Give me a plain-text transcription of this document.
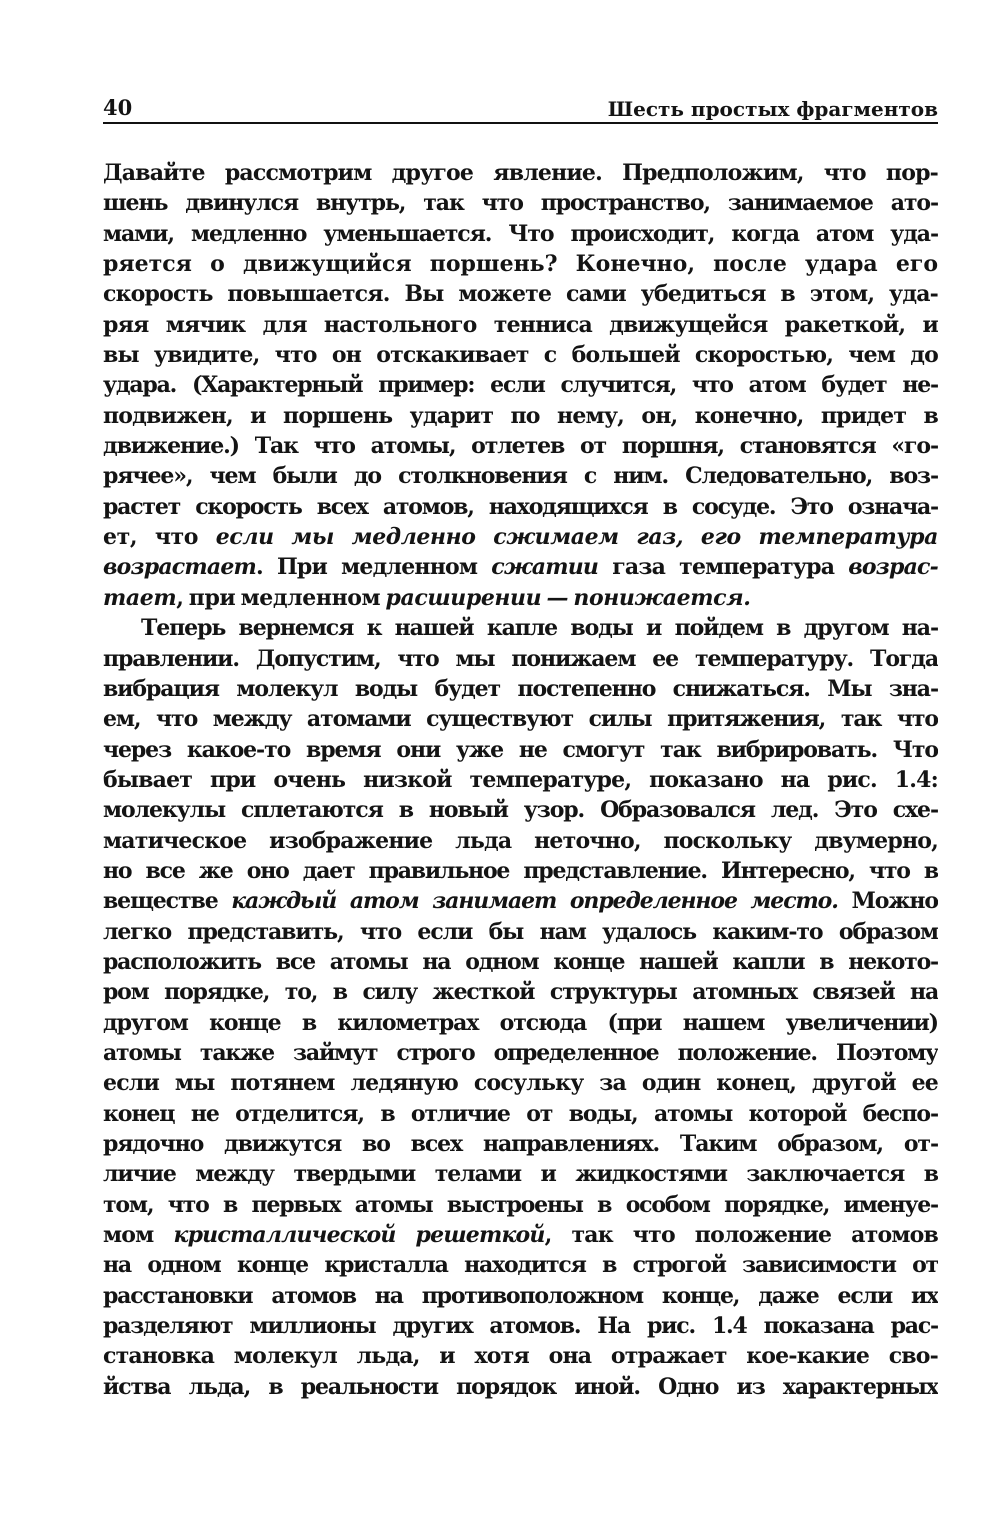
40	Шесть простых фрагментов
Давайте рассмотрим другое явление. Предположим, что пор-
шень двинулся внутрь, так что пространство, занимаемое ато-
мами, медленно уменьшается. Что происходит, когда атом уда-
ряется о движущийся поршень? Конечно, после удара его
скорость повышается. Вы можете сами убедиться в этом, уда-
ряя мячик для настольного тенниса движущейся ракеткой, и
вы увидите, что он отскакивает с большей скоростью, чем до
удара. (Характерный пример: если случится, что атом будет не-
подвижен, и поршень ударит по нему, он, конечно, придет в
движение.) Так что атомы, отлетев от поршня, становятся «го-
рячее», чем были до столкновения с ним. Следовательно, воз-
растет скорость всех атомов, находящихся в сосуде. Это означа-
ет, что если мы медленно сжимаем газ, его температура
возрастает. При медленном сжатии газа температура возрас-
тает, при медленном расширении — понижается.
Теперь вернемся к нашей капле воды и пойдем в другом на-
правлении. Допустим, что мы понижаем ее температуру. Тогда
вибрация молекул воды будет постепенно снижаться. Мы зна-
ем, что между атомами существуют силы притяжения, так что
через какое-то время они уже не смогут так вибрировать. Что
бывает при очень низкой температуре, показано на рис. 1.4:
молекулы сплетаются в новый узор. Образовался лед. Это схе-
матическое изображение льда неточно, поскольку двумерно,
но все же оно дает правильное представление. Интересно, что в
веществе каждый атом занимает определенное место. Можно
легко представить, что если бы нам удалось каким-то образом
расположить все атомы на одном конце нашей капли в некото-
ром порядке, то, в силу жесткой структуры атомных связей на
другом конце в километрах отсюда (при нашем увеличении)
атомы также займут строго определенное положение. Поэтому
если мы потянем ледяную сосульку за один конец, другой ее
конец не отделится, в отличие от воды, атомы которой беспо-
рядочно движутся во всех направлениях. Таким образом, от-
личие между твердыми телами и жидкостями заключается в
том, что в первых атомы выстроены в особом порядке, именуе-
мом кристаллической решеткой, так что положение атомов
на одном конце кристалла находится в строгой зависимости от
расстановки атомов на противоположном конце, даже если их
разделяют миллионы других атомов. На рис. 1.4 показана рас-
становка молекул льда, и хотя она отражает кое-какие сво-
йства льда, в реальности порядок иной. Одно из характерных
